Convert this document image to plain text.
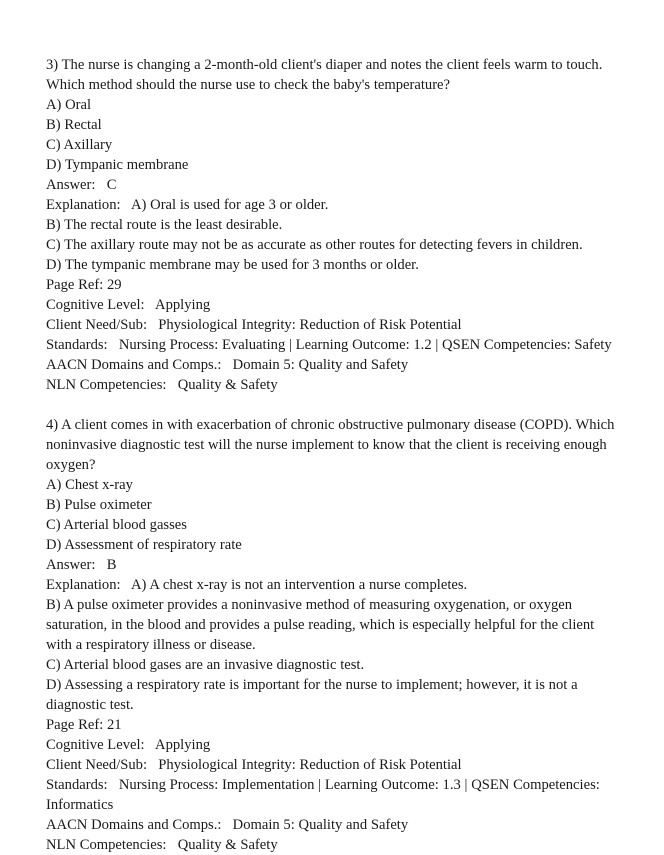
3) The nurse is changing a 2-month-old client's diaper and notes the client feels warm to touch. Which method should the nurse use to check the baby's temperature?

A) Oral

B) Rectal

C) Axillary

D) Tympanic membrane

Answer:   C

Explanation:   A) Oral is used for age 3 or older.

B) The rectal route is the least desirable.

C) The axillary route may not be as accurate as other routes for detecting fevers in children.

D) The tympanic membrane may be used for 3 months or older.

Page Ref: 29

Cognitive Level:   Applying

Client Need/Sub:   Physiological Integrity: Reduction of Risk Potential

Standards:   Nursing Process: Evaluating | Learning Outcome: 1.2 | QSEN Competencies: Safety

AACN Domains and Comps.:   Domain 5: Quality and Safety

NLN Competencies:   Quality & Safety

4) A client comes in with exacerbation of chronic obstructive pulmonary disease (COPD). Which noninvasive diagnostic test will the nurse implement to know that the client is receiving enough oxygen?

A) Chest x-ray

B) Pulse oximeter

C) Arterial blood gasses

D) Assessment of respiratory rate

Answer:   B

Explanation:   A) A chest x-ray is not an intervention a nurse completes.

B) A pulse oximeter provides a noninvasive method of measuring oxygenation, or oxygen saturation, in the blood and provides a pulse reading, which is especially helpful for the client with a respiratory illness or disease.

C) Arterial blood gases are an invasive diagnostic test.

D) Assessing a respiratory rate is important for the nurse to implement; however, it is not a diagnostic test.

Page Ref: 21

Cognitive Level:   Applying

Client Need/Sub:   Physiological Integrity: Reduction of Risk Potential

Standards:   Nursing Process: Implementation | Learning Outcome: 1.3 | QSEN Competencies: Informatics

AACN Domains and Comps.:   Domain 5: Quality and Safety

NLN Competencies:   Quality & Safety
